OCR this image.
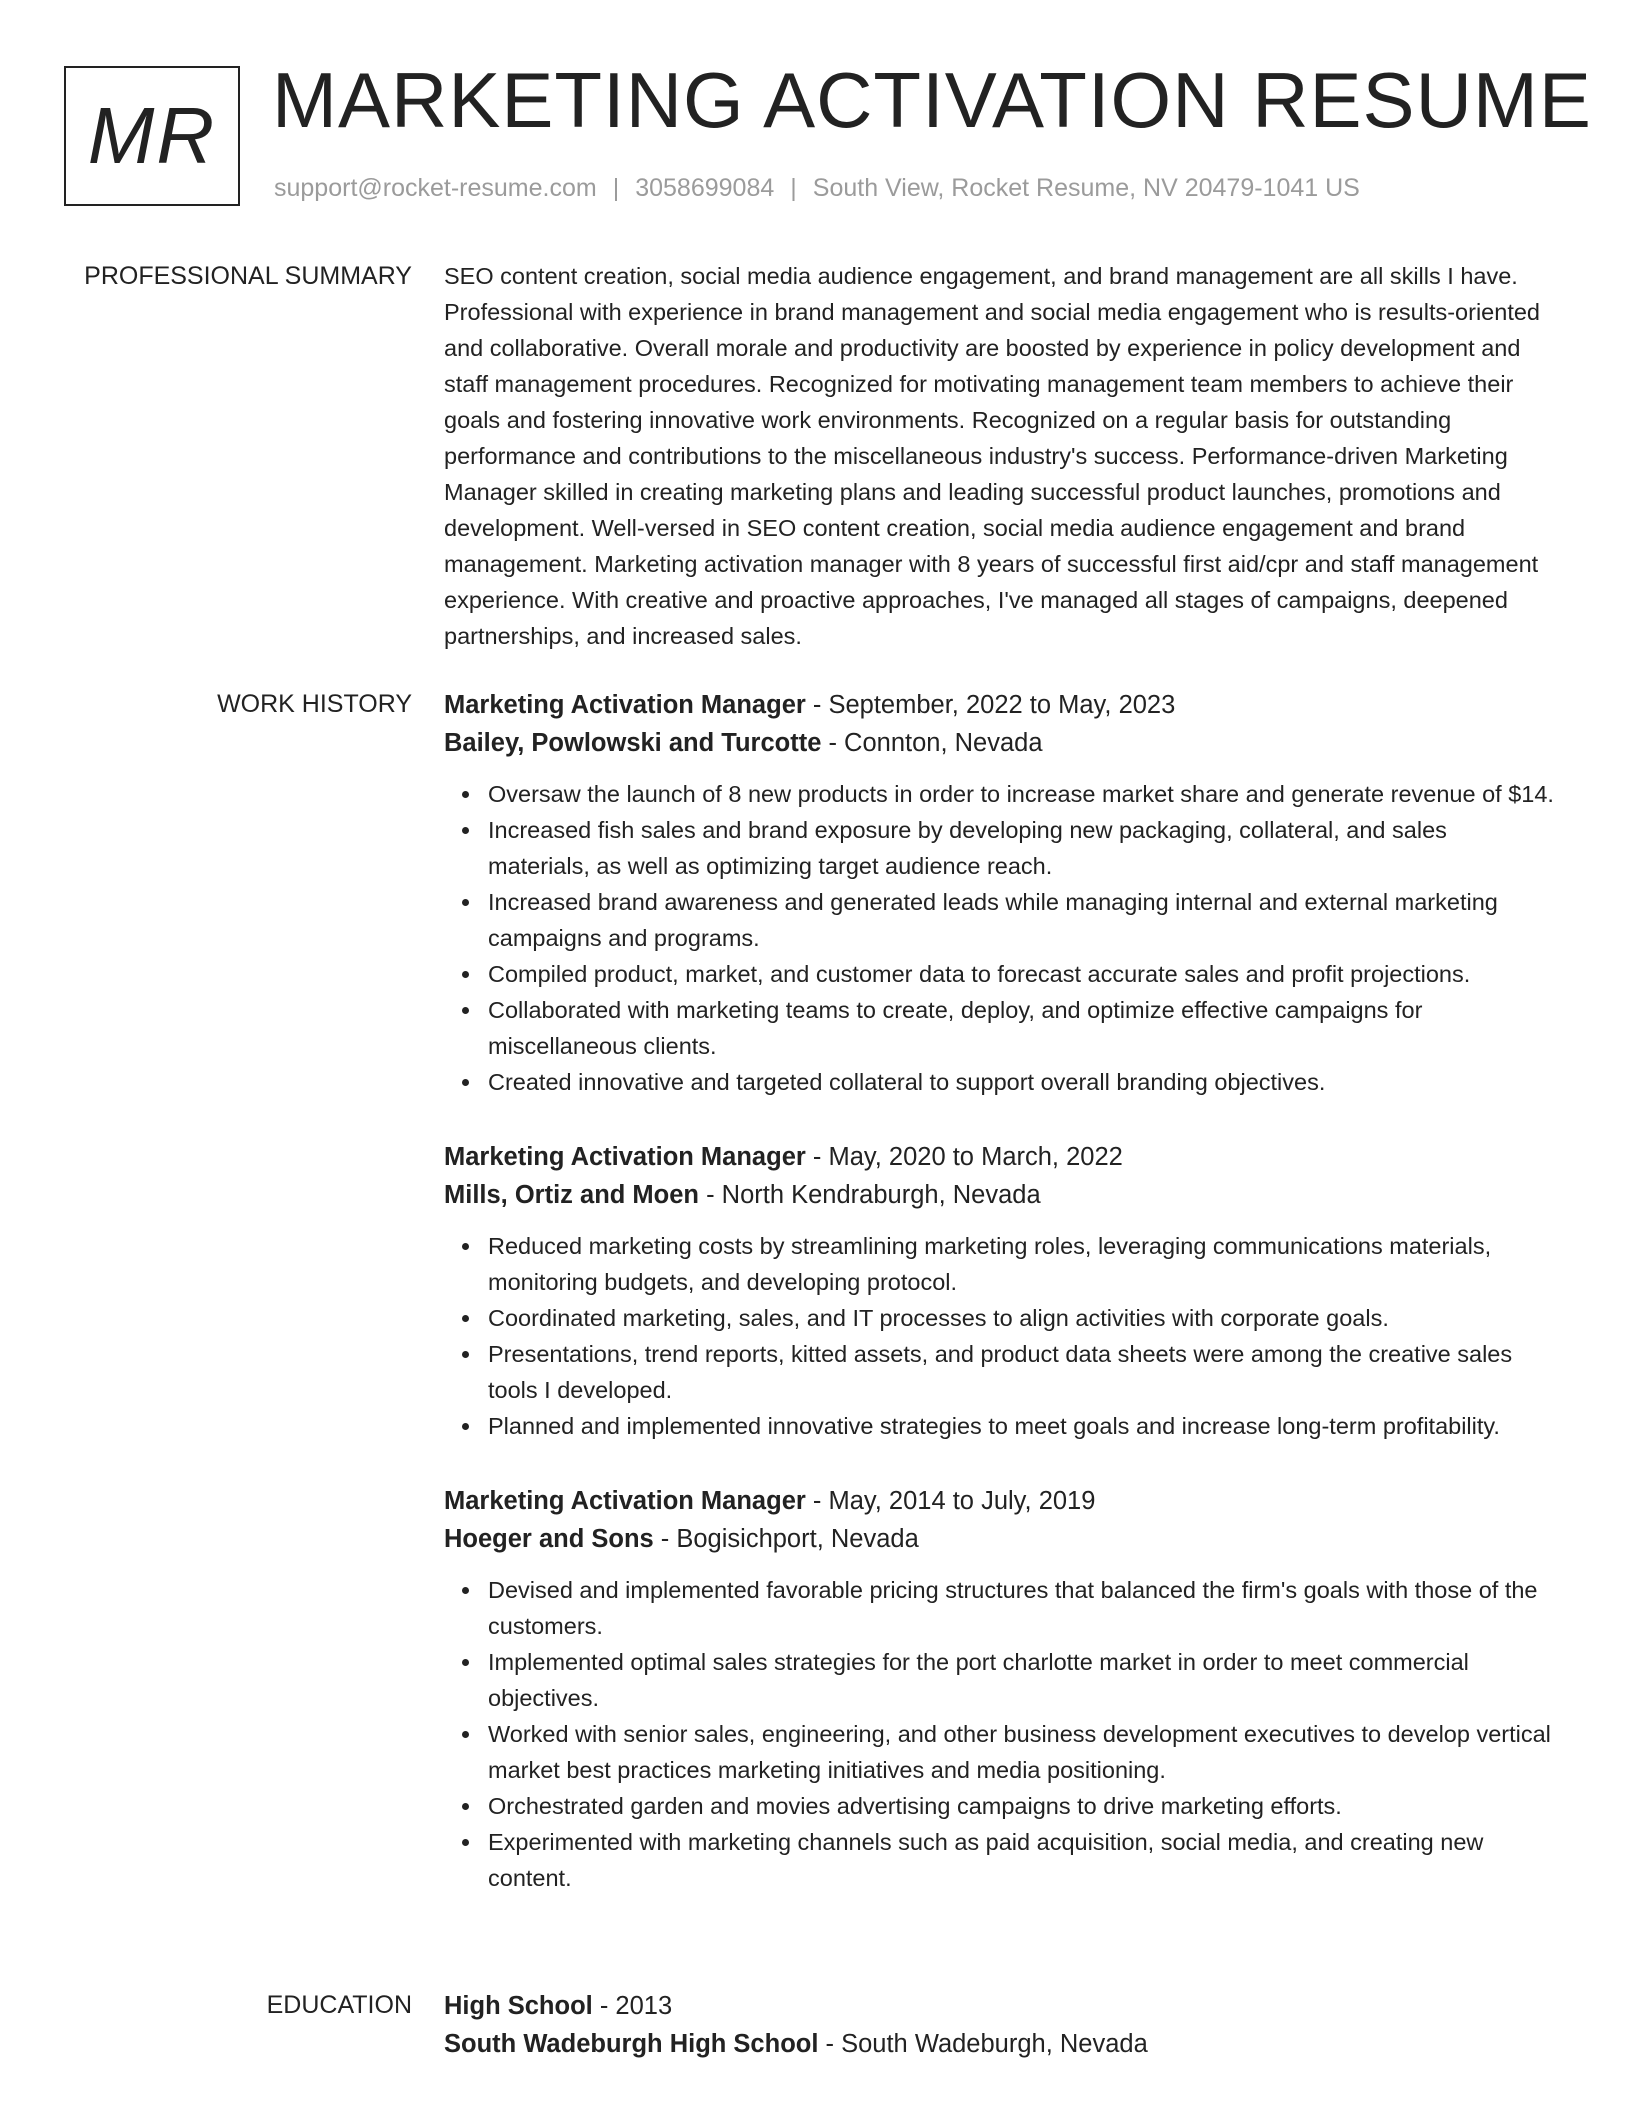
MR MARKETING ACTIVATION RESUME
support@rocket-resume.com | 3058699084 | South View, Rocket Resume, NV 20479-1041 US
PROFESSIONAL SUMMARY SEO content creation, social media audience engagement, and brand management are all skills I have. Professional with experience in brand management and social media engagement who is results-oriented and collaborative. Overall morale and productivity are boosted by experience in policy development and staff management procedures. Recognized for motivating management team members to achieve their goals and fostering innovative work environments. Recognized on a regular basis for outstanding performance and contributions to the miscellaneous industry's success. Performance-driven Marketing Manager skilled in creating marketing plans and leading successful product launches, promotions and development. Well-versed in SEO content creation, social media audience engagement and brand management. Marketing activation manager with 8 years of successful first aid/cpr and staff management experience. With creative and proactive approaches, I've managed all stages of campaigns, deepened partnerships, and increased sales.

WORK HISTORY Marketing Activation Manager - September, 2022 to May, 2023
Bailey, Powlowski and Turcotte - Connton, Nevada
Oversaw the launch of 8 new products in order to increase market share and generate revenue of $14.
Increased fish sales and brand exposure by developing new packaging, collateral, and sales materials, as well as optimizing target audience reach.
Increased brand awareness and generated leads while managing internal and external marketing campaigns and programs.
Compiled product, market, and customer data to forecast accurate sales and profit projections.
Collaborated with marketing teams to create, deploy, and optimize effective campaigns for miscellaneous clients.
Created innovative and targeted collateral to support overall branding objectives.
Marketing Activation Manager - May, 2020 to March, 2022
Mills, Ortiz and Moen - North Kendraburgh, Nevada
Reduced marketing costs by streamlining marketing roles, leveraging communications materials, monitoring budgets, and developing protocol.
Coordinated marketing, sales, and IT processes to align activities with corporate goals.
Presentations, trend reports, kitted assets, and product data sheets were among the creative sales tools I developed.
Planned and implemented innovative strategies to meet goals and increase long-term profitability.
Marketing Activation Manager - May, 2014 to July, 2019
Hoeger and Sons - Bogisichport, Nevada
Devised and implemented favorable pricing structures that balanced the firm's goals with those of the customers.
Implemented optimal sales strategies for the port charlotte market in order to meet commercial objectives.
Worked with senior sales, engineering, and other business development executives to develop vertical market best practices marketing initiatives and media positioning.
Orchestrated garden and movies advertising campaigns to drive marketing efforts.
Experimented with marketing channels such as paid acquisition, social media, and creating new content.
EDUCATION High School - 2013
South Wadeburgh High School - South Wadeburgh, Nevada
